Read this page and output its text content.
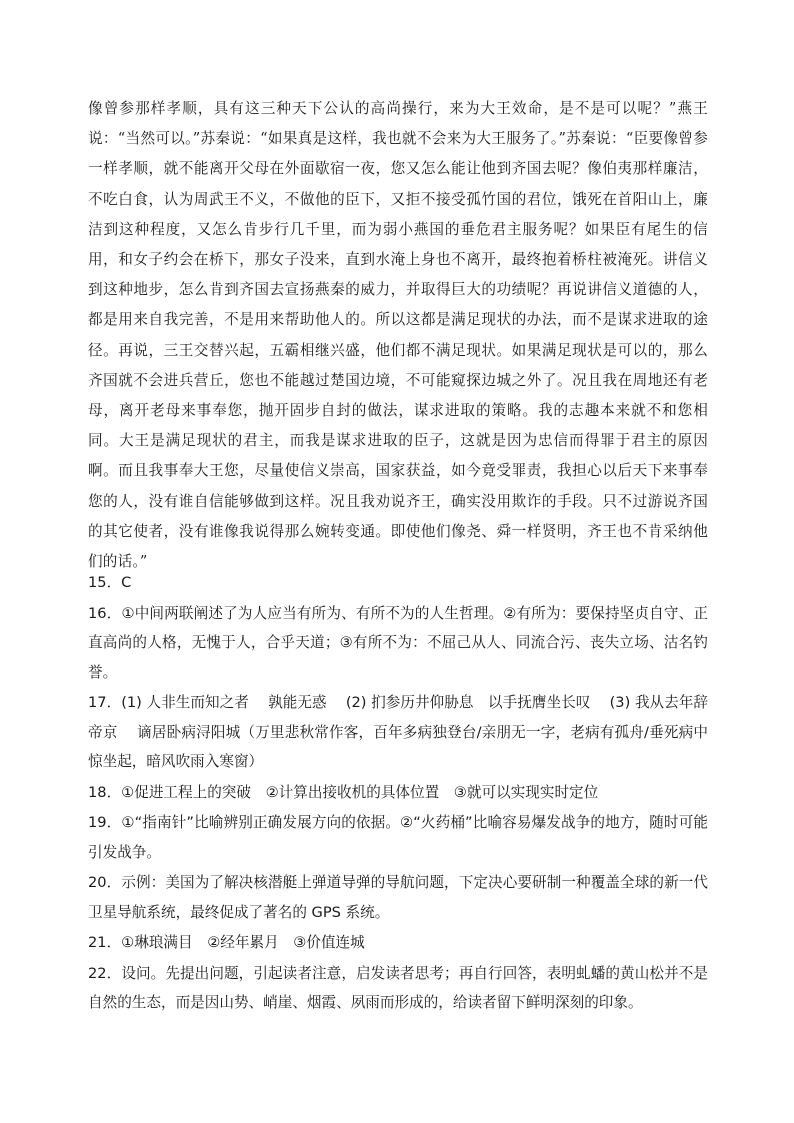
像曾参那样孝顺，具有这三种天下公认的高尚操行，来为大王效命，是不是可以呢？”燕王说：“当然可以。”苏秦说：“如果真是这样，我也就不会来为大王服务了。”苏秦说：“臣要像曾参一样孝顺，就不能离开父母在外面歇宿一夜，您又怎么能让他到齐国去呢？像伯夷那样廉洁，不吃白食，认为周武王不义，不做他的臣下，又拒不接受孤竹国的君位，饿死在首阳山上，廉洁到这种程度，又怎么肯步行几千里，而为弱小燕国的垂危君主服务呢？如果臣有尾生的信用，和女子约会在桥下，那女子没来，直到水淹上身也不离开，最终抱着桥柱被淹死。讲信义到这种地步，怎么肯到齐国去宣扬燕秦的威力，并取得巨大的功绩呢？再说讲信义道德的人，都是用来自我完善，不是用来帮助他人的。所以这都是满足现状的办法，而不是谋求进取的途径。再说，三王交替兴起，五霸相继兴盛，他们都不满足现状。如果满足现状是可以的，那么齐国就不会进兵营丘，您也不能越过楚国边境，不可能窥探边城之外了。况且我在周地还有老母，离开老母来事奉您，抛开固步自封的做法，谋求进取的策略。我的志趣本来就不和您相同。大王是满足现状的君主，而我是谋求进取的臣子，这就是因为忠信而得罪于君主的原因啊。而且我事奉大王您，尽量使信义崇高，国家获益，如今竟受罪责，我担心以后天下来事奉您的人，没有谁自信能够做到这样。况且我劝说齐王，确实没用欺诈的手段。只不过游说齐国的其它使者，没有谁像我说得那么婉转变通。即使他们像尧、舜一样贤明，齐王也不肯采纳他们的话。”

15．C

16．①中间两联阐述了为人应当有所为、有所不为的人生哲理。②有所为：要保持坚贞自守、正直高尚的人格，无愧于人，合乎天道；③有所不为：不屈己从人、同流合污、丧失立场、沽名钓誉。

17．(1) 人非生而知之者　 孰能无惑　 (2) 扪参历井仰胁息　以手抚膺坐长叹　 (3) 我从去年辞帝京　 谪居卧病浔阳城（万里悲秋常作客，百年多病独登台/亲朋无一字，老病有孤舟/垂死病中惊坐起，暗风吹雨入寒窗）

18．①促进工程上的突破　②计算出接收机的具体位置　③就可以实现实时定位

19．①“指南针”比喻辨别正确发展方向的依据。②“火药桶”比喻容易爆发战争的地方，随时可能引发战争。

20．示例：美国为了解决核潜艇上弹道导弹的导航问题，下定决心要研制一种覆盖全球的新一代卫星导航系统，最终促成了著名的 GPS 系统。

21．①琳琅满目　②经年累月　③价值连城

22．设问。先提出问题，引起读者注意，启发读者思考；再自行回答，表明虬蟠的黄山松并不是自然的生态，而是因山势、峭崖、烟霞、夙雨而形成的，给读者留下鲜明深刻的印象。
